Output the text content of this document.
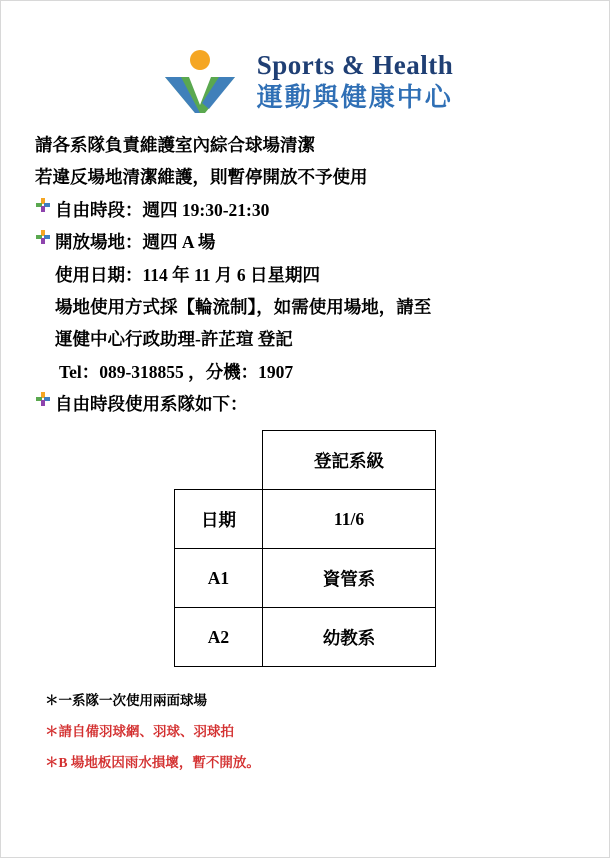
Sports & Health
運動與健康中心
請各系隊負責維護室內綜合球場清潔
若違反場地清潔維護，則暫停開放不予使用
自由時段：週四 19:30-21:30
開放場地：週四 A 場
使用日期：114 年 11 月 6 日星期四
場地使用方式採【輪流制】，如需使用場地，請至
運健中心行政助理-許芷瑄 登記
Tel：089-318855 ，分機：1907
自由時段使用系隊如下：
	登記系級
日期	11/6
A1	資管系
A2	幼教系
＊一系隊一次使用兩面球場
＊請自備羽球網、羽球、羽球拍
＊B 場地板因雨水損壞，暫不開放。
